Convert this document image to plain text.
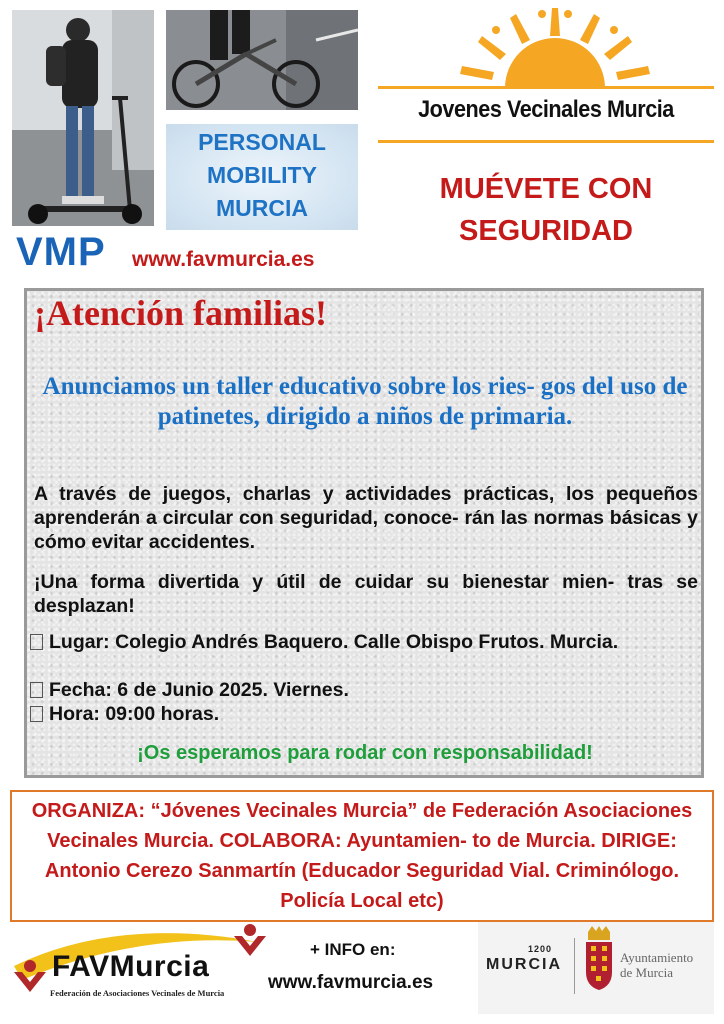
PERSONAL
MOBILITY
MURCIA
VMP www.favmurcia.es
Jovenes Vecinales Murcia
MUÉVETE CON
SEGURIDAD
¡Atención familias!
Anunciamos un taller educativo sobre los ries- gos del uso de patinetes, dirigido a niños de primaria.
A través de juegos, charlas y actividades prácticas, los pequeños aprenderán a circular con seguridad, conoce- rán las normas básicas y cómo evitar accidentes.
¡Una forma divertida y útil de cuidar su bienestar mien- tras se desplazan!
Lugar: Colegio Andrés Baquero. Calle Obispo Frutos. Murcia.
Fecha: 6 de Junio 2025. Viernes.
Hora: 09:00 horas.
¡Os esperamos para rodar con responsabilidad!
ORGANIZA: “Jóvenes Vecinales Murcia” de Federación Asociaciones Vecinales Murcia. COLABORA: Ayuntamien- to de Murcia. DIRIGE: Antonio Cerezo Sanmartín (Educador Seguridad Vial. Criminólogo. Policía Local etc)
FAVMurcia
Federación de Asociaciones Vecinales de Murcia
+ INFO en:
www.favmurcia.es
1200
MURCIA	Ayuntamiento
de Murcia
